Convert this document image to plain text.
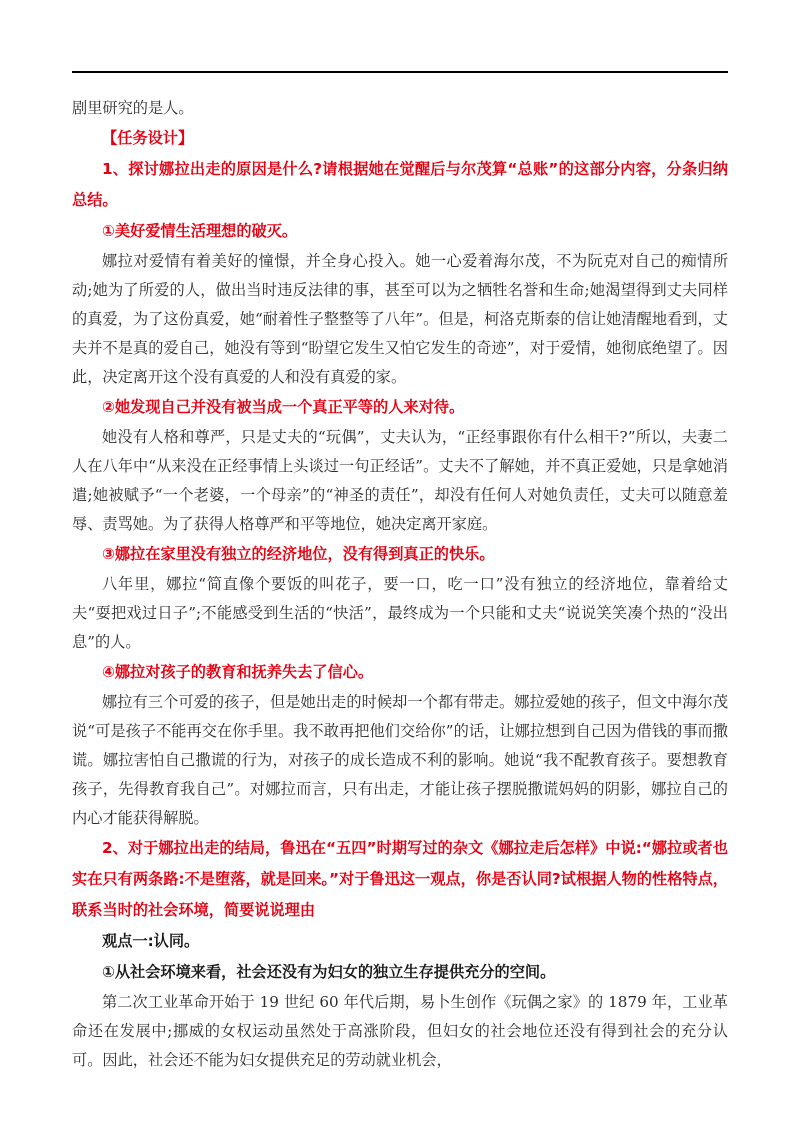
剧里研究的是人。

【任务设计】

1、探讨娜拉出走的原因是什么?请根据她在觉醒后与尔茂算“总账”的这部分内容，分条归纳总结。

①美好爱情生活理想的破灭。

娜拉对爱情有着美好的憧憬，并全身心投入。她一心爱着海尔茂，不为阮克对自己的痴情所动;她为了所爱的人，做出当时违反法律的事，甚至可以为之牺牲名誉和生命;她渴望得到丈夫同样的真爱，为了这份真爱，她“耐着性子整整等了八年”。但是，柯洛克斯泰的信让她清醒地看到，丈夫并不是真的爱自己，她没有等到“盼望它发生又怕它发生的奇迹”，对于爱情，她彻底绝望了。因此，决定离开这个没有真爱的人和没有真爱的家。

②她发现自己并没有被当成一个真正平等的人来对待。

她没有人格和尊严，只是丈夫的“玩偶”，丈夫认为，“正经事跟你有什么相干?”所以，夫妻二人在八年中“从来没在正经事情上头谈过一句正经话”。丈夫不了解她，并不真正爱她，只是拿她消遣;她被赋予“一个老婆，一个母亲”的“神圣的责任”，却没有任何人对她负责任，丈夫可以随意羞辱、责骂她。为了获得人格尊严和平等地位，她决定离开家庭。

③娜拉在家里没有独立的经济地位，没有得到真正的快乐。

八年里，娜拉“简直像个要饭的叫花子，要一口，吃一口”没有独立的经济地位，靠着给丈夫“耍把戏过日子”;不能感受到生活的“快活”，最终成为一个只能和丈夫“说说笑笑凑个热的“没出息”的人。

④娜拉对孩子的教育和抚养失去了信心。

娜拉有三个可爱的孩子，但是她出走的时候却一个都有带走。娜拉爱她的孩子，但文中海尔茂说“可是孩子不能再交在你手里。我不敢再把他们交给你”的话，让娜拉想到自己因为借钱的事而撒谎。娜拉害怕自己撒谎的行为，对孩子的成长造成不利的影响。她说“我不配教育孩子。要想教育孩子，先得教育我自己”。对娜拉而言，只有出走，才能让孩子摆脱撒谎妈妈的阴影，娜拉自己的内心才能获得解脱。

2、对于娜拉出走的结局，鲁迅在“五四”时期写过的杂文《娜拉走后怎样》中说:“娜拉或者也实在只有两条路:不是堕落，就是回来。”对于鲁迅这一观点，你是否认同?试根据人物的性格特点，联系当时的社会环境，简要说说理由

观点一:认同。

①从社会环境来看，社会还没有为妇女的独立生存提供充分的空间。

第二次工业革命开始于 19 世纪 60 年代后期，易卜生创作《玩偶之家》的 1879 年，工业革命还在发展中;挪威的女权运动虽然处于高涨阶段，但妇女的社会地位还没有得到社会的充分认可。因此，社会还不能为妇女提供充足的劳动就业机会，
